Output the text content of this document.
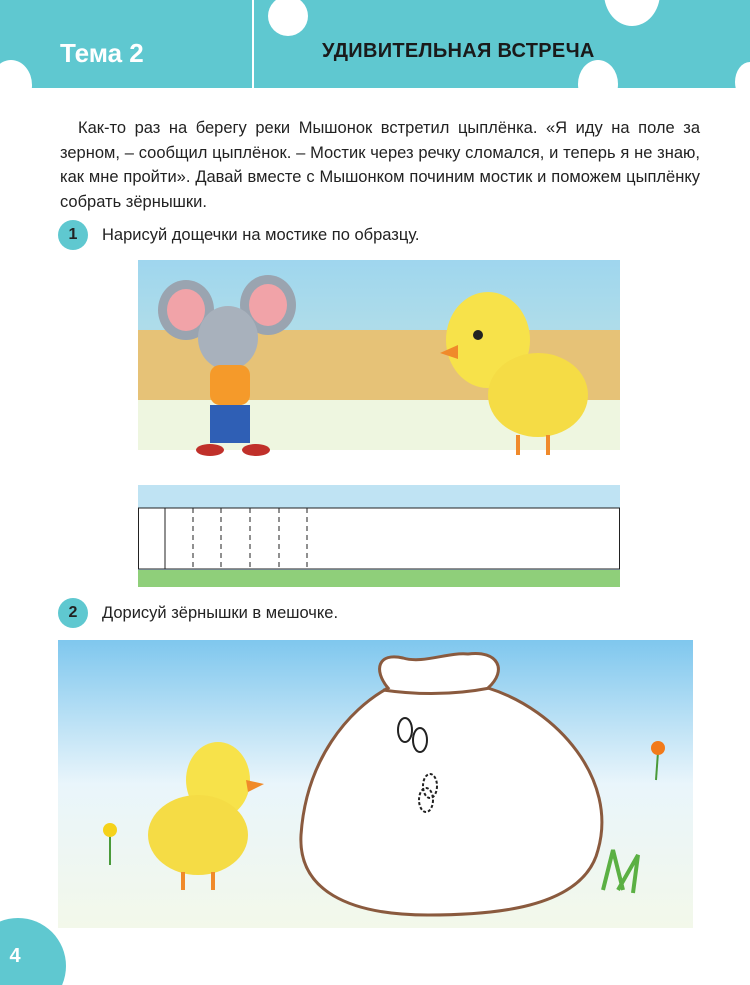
Тема 2	УДИВИТЕЛЬНАЯ ВСТРЕЧА
Как-то раз на берегу реки Мышонок встретил цыплёнка. «Я иду на поле за зерном, – сообщил цыплёнок. – Мостик через речку сломался, и теперь я не знаю, как мне пройти». Давай вместе с Мышонком починим мостик и поможем цыплёнку собрать зёрнышки.
1	Нарисуй дощечки на мостике по образцу.
2	Дорисуй зёрнышки в мешочке.
4
